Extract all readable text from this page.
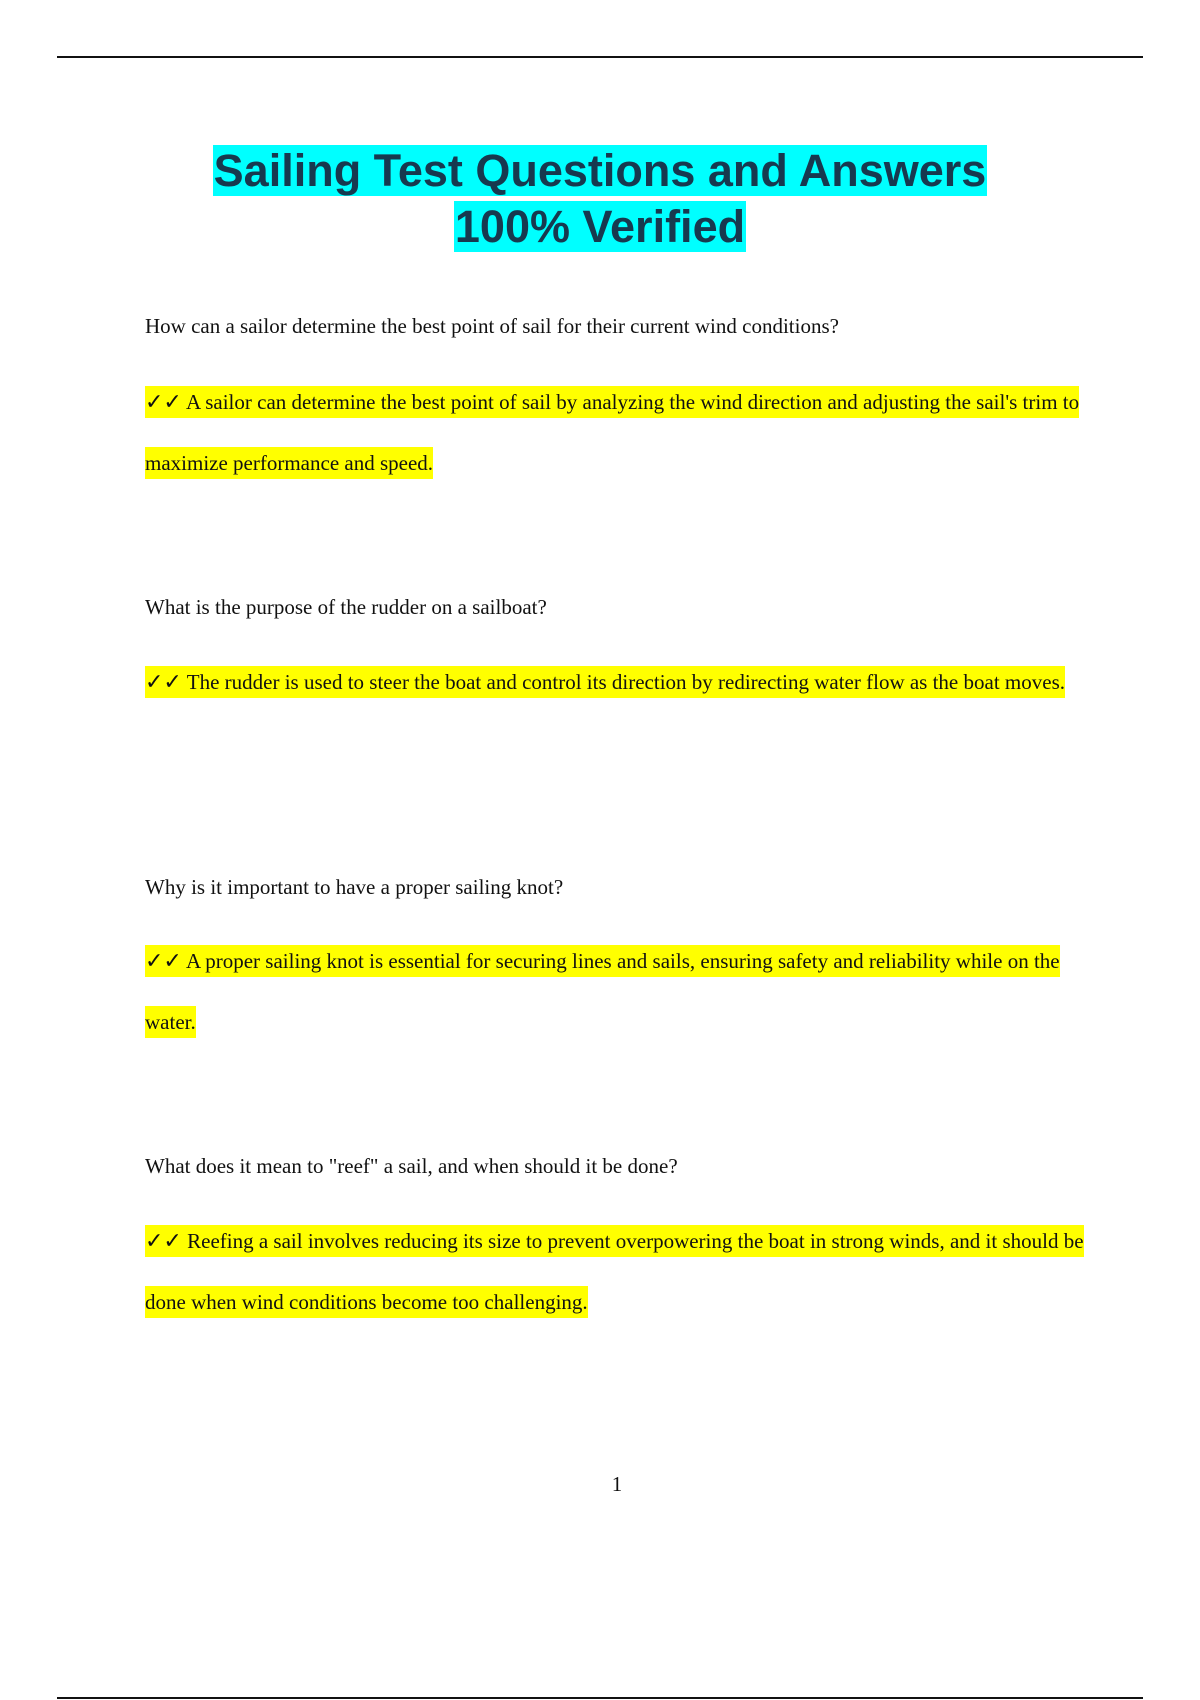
Sailing Test Questions and Answers
100% Verified
How can a sailor determine the best point of sail for their current wind conditions?
✓✓ A sailor can determine the best point of sail by analyzing the wind direction and adjusting the sail's trim to maximize performance and speed.
What is the purpose of the rudder on a sailboat?
✓✓ The rudder is used to steer the boat and control its direction by redirecting water flow as the boat moves.
Why is it important to have a proper sailing knot?
✓✓ A proper sailing knot is essential for securing lines and sails, ensuring safety and reliability while on the water.
What does it mean to "reef" a sail, and when should it be done?
✓✓ Reefing a sail involves reducing its size to prevent overpowering the boat in strong winds, and it should be done when wind conditions become too challenging.
1
